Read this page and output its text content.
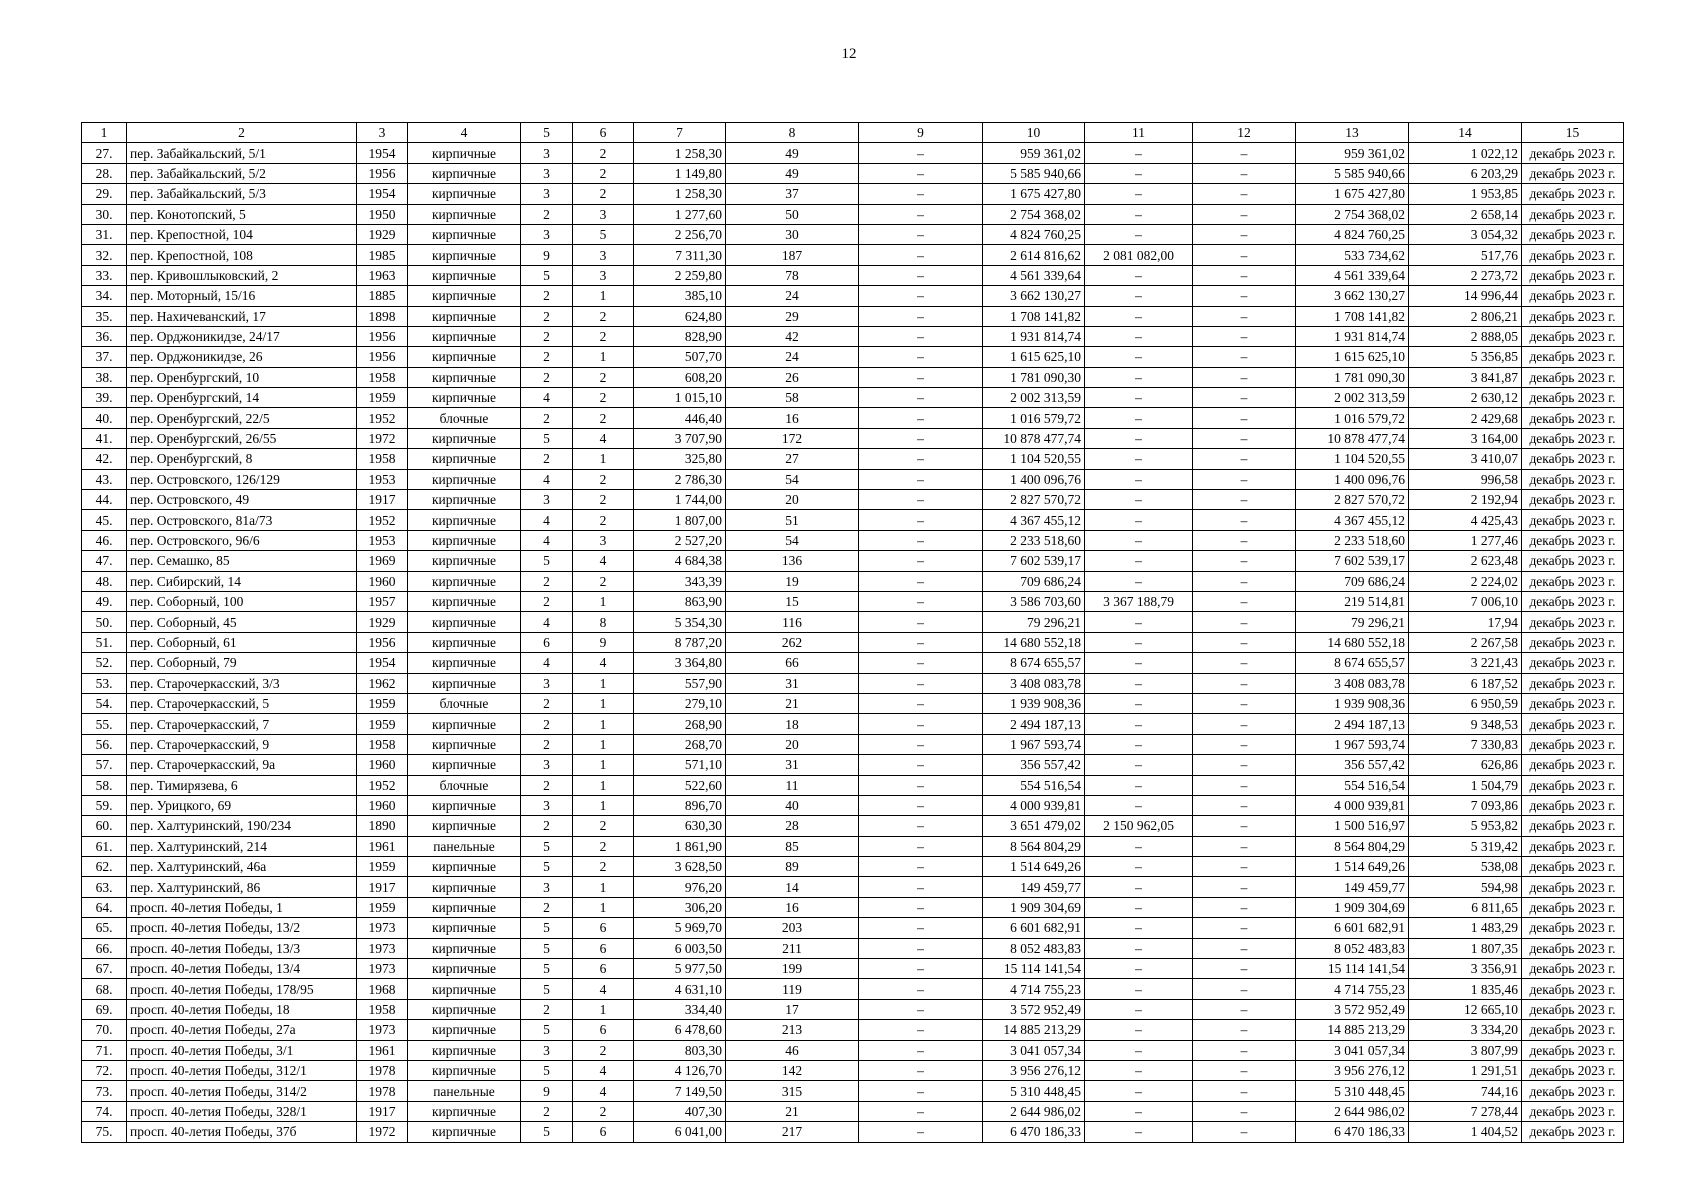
12
1	2	3	4	5	6	7	8	9	10	11	12	13	14	15
27.	пер. Забайкальский, 5/1	1954	кирпичные	3	2	1 258,30	49	–	959 361,02	–	–	959 361,02	1 022,12	декабрь 2023 г.
28.	пер. Забайкальский, 5/2	1956	кирпичные	3	2	1 149,80	49	–	5 585 940,66	–	–	5 585 940,66	6 203,29	декабрь 2023 г.
29.	пер. Забайкальский, 5/3	1954	кирпичные	3	2	1 258,30	37	–	1 675 427,80	–	–	1 675 427,80	1 953,85	декабрь 2023 г.
30.	пер. Конотопский, 5	1950	кирпичные	2	3	1 277,60	50	–	2 754 368,02	–	–	2 754 368,02	2 658,14	декабрь 2023 г.
31.	пер. Крепостной, 104	1929	кирпичные	3	5	2 256,70	30	–	4 824 760,25	–	–	4 824 760,25	3 054,32	декабрь 2023 г.
32.	пер. Крепостной, 108	1985	кирпичные	9	3	7 311,30	187	–	2 614 816,62	2 081 082,00	–	533 734,62	517,76	декабрь 2023 г.
33.	пер. Кривошлыковский, 2	1963	кирпичные	5	3	2 259,80	78	–	4 561 339,64	–	–	4 561 339,64	2 273,72	декабрь 2023 г.
34.	пер. Моторный, 15/16	1885	кирпичные	2	1	385,10	24	–	3 662 130,27	–	–	3 662 130,27	14 996,44	декабрь 2023 г.
35.	пер. Нахичеванский, 17	1898	кирпичные	2	2	624,80	29	–	1 708 141,82	–	–	1 708 141,82	2 806,21	декабрь 2023 г.
36.	пер. Орджоникидзе, 24/17	1956	кирпичные	2	2	828,90	42	–	1 931 814,74	–	–	1 931 814,74	2 888,05	декабрь 2023 г.
37.	пер. Орджоникидзе, 26	1956	кирпичные	2	1	507,70	24	–	1 615 625,10	–	–	1 615 625,10	5 356,85	декабрь 2023 г.
38.	пер. Оренбургский, 10	1958	кирпичные	2	2	608,20	26	–	1 781 090,30	–	–	1 781 090,30	3 841,87	декабрь 2023 г.
39.	пер. Оренбургский, 14	1959	кирпичные	4	2	1 015,10	58	–	2 002 313,59	–	–	2 002 313,59	2 630,12	декабрь 2023 г.
40.	пер. Оренбургский, 22/5	1952	блочные	2	2	446,40	16	–	1 016 579,72	–	–	1 016 579,72	2 429,68	декабрь 2023 г.
41.	пер. Оренбургский, 26/55	1972	кирпичные	5	4	3 707,90	172	–	10 878 477,74	–	–	10 878 477,74	3 164,00	декабрь 2023 г.
42.	пер. Оренбургский, 8	1958	кирпичные	2	1	325,80	27	–	1 104 520,55	–	–	1 104 520,55	3 410,07	декабрь 2023 г.
43.	пер. Островского, 126/129	1953	кирпичные	4	2	2 786,30	54	–	1 400 096,76	–	–	1 400 096,76	996,58	декабрь 2023 г.
44.	пер. Островского, 49	1917	кирпичные	3	2	1 744,00	20	–	2 827 570,72	–	–	2 827 570,72	2 192,94	декабрь 2023 г.
45.	пер. Островского, 81а/73	1952	кирпичные	4	2	1 807,00	51	–	4 367 455,12	–	–	4 367 455,12	4 425,43	декабрь 2023 г.
46.	пер. Островского, 96/6	1953	кирпичные	4	3	2 527,20	54	–	2 233 518,60	–	–	2 233 518,60	1 277,46	декабрь 2023 г.
47.	пер. Семашко, 85	1969	кирпичные	5	4	4 684,38	136	–	7 602 539,17	–	–	7 602 539,17	2 623,48	декабрь 2023 г.
48.	пер. Сибирский, 14	1960	кирпичные	2	2	343,39	19	–	709 686,24	–	–	709 686,24	2 224,02	декабрь 2023 г.
49.	пер. Соборный, 100	1957	кирпичные	2	1	863,90	15	–	3 586 703,60	3 367 188,79	–	219 514,81	7 006,10	декабрь 2023 г.
50.	пер. Соборный, 45	1929	кирпичные	4	8	5 354,30	116	–	79 296,21	–	–	79 296,21	17,94	декабрь 2023 г.
51.	пер. Соборный, 61	1956	кирпичные	6	9	8 787,20	262	–	14 680 552,18	–	–	14 680 552,18	2 267,58	декабрь 2023 г.
52.	пер. Соборный, 79	1954	кирпичные	4	4	3 364,80	66	–	8 674 655,57	–	–	8 674 655,57	3 221,43	декабрь 2023 г.
53.	пер. Старочеркасский, 3/3	1962	кирпичные	3	1	557,90	31	–	3 408 083,78	–	–	3 408 083,78	6 187,52	декабрь 2023 г.
54.	пер. Старочеркасский, 5	1959	блочные	2	1	279,10	21	–	1 939 908,36	–	–	1 939 908,36	6 950,59	декабрь 2023 г.
55.	пер. Старочеркасский, 7	1959	кирпичные	2	1	268,90	18	–	2 494 187,13	–	–	2 494 187,13	9 348,53	декабрь 2023 г.
56.	пер. Старочеркасский, 9	1958	кирпичные	2	1	268,70	20	–	1 967 593,74	–	–	1 967 593,74	7 330,83	декабрь 2023 г.
57.	пер. Старочеркасский, 9а	1960	кирпичные	3	1	571,10	31	–	356 557,42	–	–	356 557,42	626,86	декабрь 2023 г.
58.	пер. Тимирязева, 6	1952	блочные	2	1	522,60	11	–	554 516,54	–	–	554 516,54	1 504,79	декабрь 2023 г.
59.	пер. Урицкого, 69	1960	кирпичные	3	1	896,70	40	–	4 000 939,81	–	–	4 000 939,81	7 093,86	декабрь 2023 г.
60.	пер. Халтуринский, 190/234	1890	кирпичные	2	2	630,30	28	–	3 651 479,02	2 150 962,05	–	1 500 516,97	5 953,82	декабрь 2023 г.
61.	пер. Халтуринский, 214	1961	панельные	5	2	1 861,90	85	–	8 564 804,29	–	–	8 564 804,29	5 319,42	декабрь 2023 г.
62.	пер. Халтуринский, 46а	1959	кирпичные	5	2	3 628,50	89	–	1 514 649,26	–	–	1 514 649,26	538,08	декабрь 2023 г.
63.	пер. Халтуринский, 86	1917	кирпичные	3	1	976,20	14	–	149 459,77	–	–	149 459,77	594,98	декабрь 2023 г.
64.	просп. 40-летия Победы, 1	1959	кирпичные	2	1	306,20	16	–	1 909 304,69	–	–	1 909 304,69	6 811,65	декабрь 2023 г.
65.	просп. 40-летия Победы, 13/2	1973	кирпичные	5	6	5 969,70	203	–	6 601 682,91	–	–	6 601 682,91	1 483,29	декабрь 2023 г.
66.	просп. 40-летия Победы, 13/3	1973	кирпичные	5	6	6 003,50	211	–	8 052 483,83	–	–	8 052 483,83	1 807,35	декабрь 2023 г.
67.	просп. 40-летия Победы, 13/4	1973	кирпичные	5	6	5 977,50	199	–	15 114 141,54	–	–	15 114 141,54	3 356,91	декабрь 2023 г.
68.	просп. 40-летия Победы, 178/95	1968	кирпичные	5	4	4 631,10	119	–	4 714 755,23	–	–	4 714 755,23	1 835,46	декабрь 2023 г.
69.	просп. 40-летия Победы, 18	1958	кирпичные	2	1	334,40	17	–	3 572 952,49	–	–	3 572 952,49	12 665,10	декабрь 2023 г.
70.	просп. 40-летия Победы, 27а	1973	кирпичные	5	6	6 478,60	213	–	14 885 213,29	–	–	14 885 213,29	3 334,20	декабрь 2023 г.
71.	просп. 40-летия Победы, 3/1	1961	кирпичные	3	2	803,30	46	–	3 041 057,34	–	–	3 041 057,34	3 807,99	декабрь 2023 г.
72.	просп. 40-летия Победы, 312/1	1978	кирпичные	5	4	4 126,70	142	–	3 956 276,12	–	–	3 956 276,12	1 291,51	декабрь 2023 г.
73.	просп. 40-летия Победы, 314/2	1978	панельные	9	4	7 149,50	315	–	5 310 448,45	–	–	5 310 448,45	744,16	декабрь 2023 г.
74.	просп. 40-летия Победы, 328/1	1917	кирпичные	2	2	407,30	21	–	2 644 986,02	–	–	2 644 986,02	7 278,44	декабрь 2023 г.
75.	просп. 40-летия Победы, 37б	1972	кирпичные	5	6	6 041,00	217	–	6 470 186,33	–	–	6 470 186,33	1 404,52	декабрь 2023 г.
